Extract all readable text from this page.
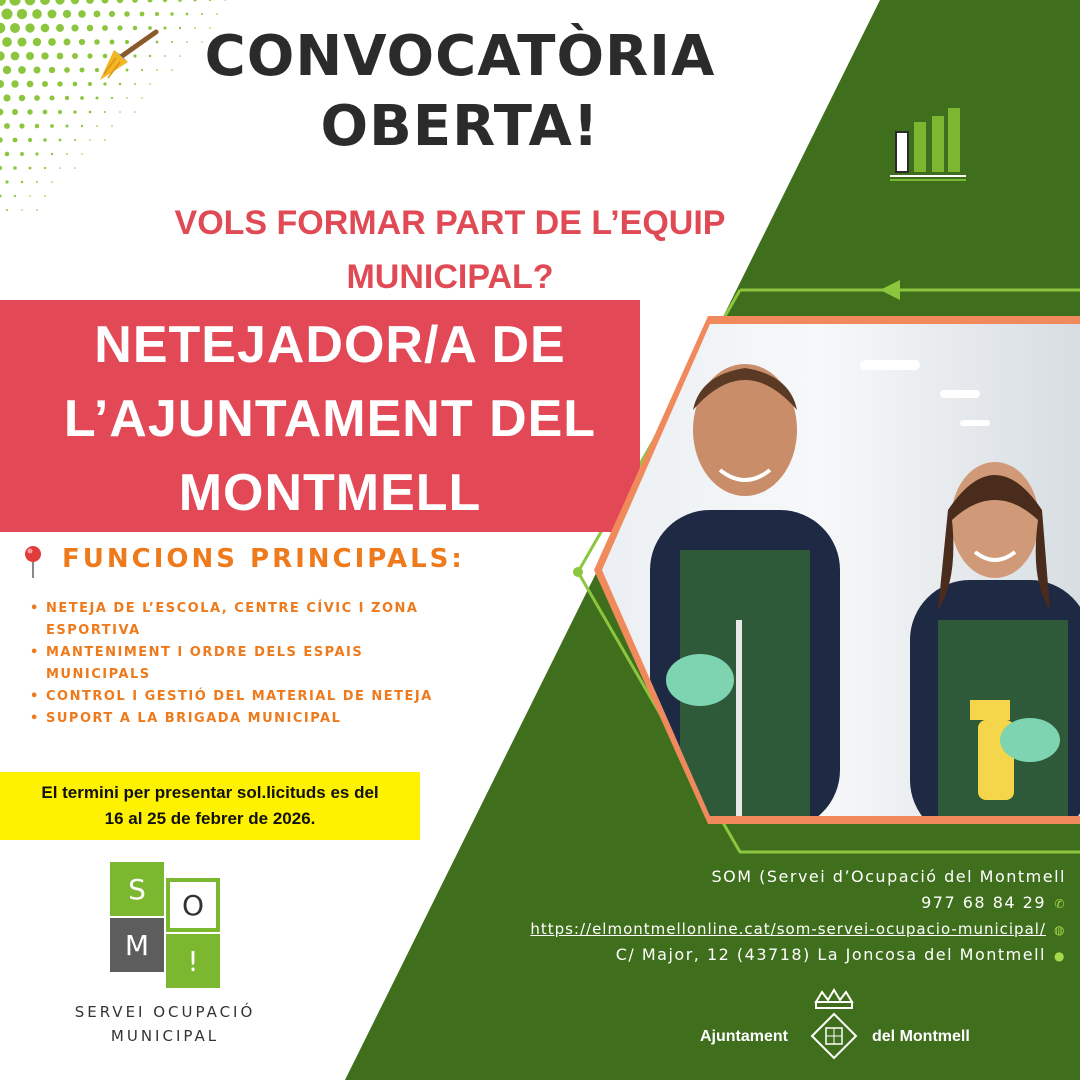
CONVOCATÒRIA
OBERTA!
VOLS FORMAR PART DE L’EQUIP
MUNICIPAL?
NETEJADOR/A DE
L’AJUNTAMENT DEL
MONTMELL
FUNCIONS PRINCIPALS:
• NETEJA DE L’ESCOLA, CENTRE CÍVIC I ZONA ESPORTIVA
• MANTENIMENT I ORDRE DELS ESPAIS MUNICIPALS
• CONTROL I GESTIÓ DEL MATERIAL DE NETEJA
• SUPORT A LA BRIGADA MUNICIPAL
El termini per presentar sol.licituds es del
16 al 25 de febrer de 2026.
S	O
M	!
SERVEI OCUPACIÓ
MUNICIPAL
SOM (Servei d’Ocupació del Montmell
977 68 84 29 ✆
https://elmontmellonline.cat/som-servei-ocupacio-municipal/ ◍
C/ Major, 12 (43718) La Joncosa del Montmell ●
Ajuntament	del Montmell
